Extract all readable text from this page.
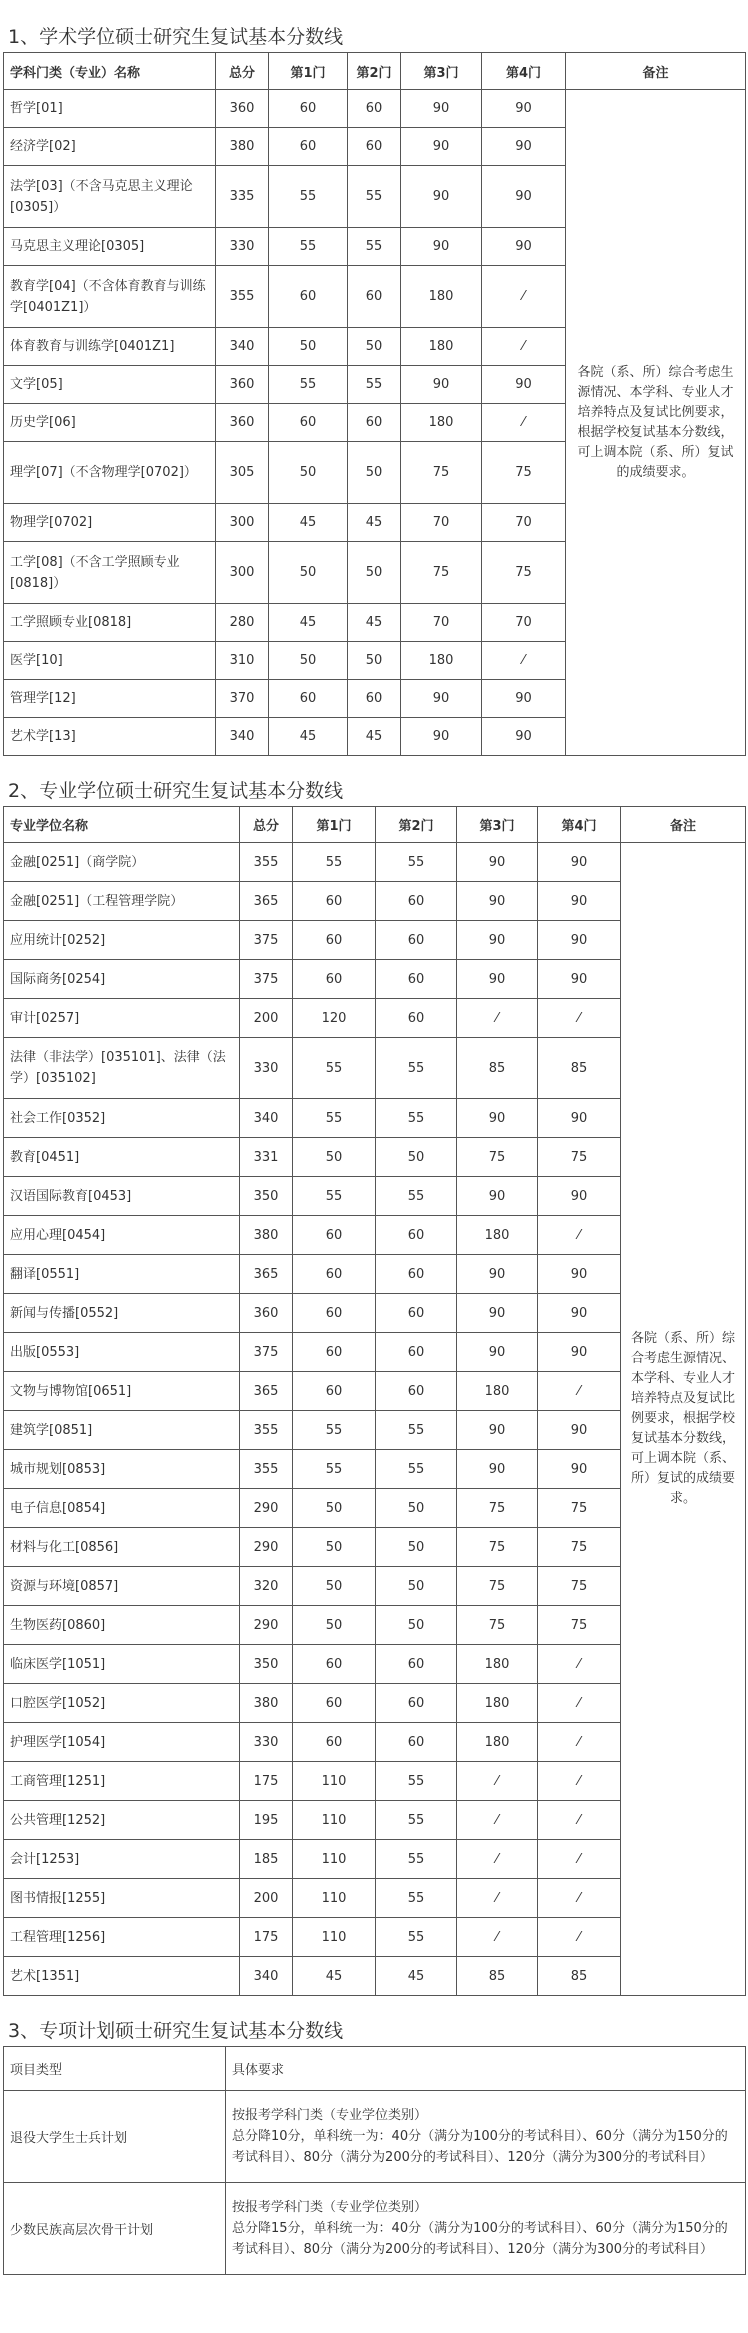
1、学术学位硕士研究生复试基本分数线
学科门类（专业）名称	总分	第1门	第2门	第3门	第4门	备注
哲学[01]	360	60	60	90	90	各院（系、所）综合考虑生源情况、本学科、专业人才培养特点及复试比例要求，根据学校复试基本分数线，可上调本院（系、所）复试的成绩要求。
经济学[02]	380	60	60	90	90	
法学[03]（不含马克思主义理论[0305]）	335	55	55	90	90	
马克思主义理论[0305]	330	55	55	90	90	
教育学[04]（不含体育教育与训练学[0401Z1]）	355	60	60	180	⁄	
体育教育与训练学[0401Z1]	340	50	50	180	⁄	
文学[05]	360	55	55	90	90	
历史学[06]	360	60	60	180	⁄	
理学[07]（不含物理学[0702]）	305	50	50	75	75	
物理学[0702]	300	45	45	70	70	
工学[08]（不含工学照顾专业[0818]）	300	50	50	75	75	
工学照顾专业[0818]	280	45	45	70	70	
医学[10]	310	50	50	180	⁄	
管理学[12]	370	60	60	90	90	
艺术学[13]	340	45	45	90	90	
2、专业学位硕士研究生复试基本分数线
专业学位名称	总分	第1门	第2门	第3门	第4门	备注
金融[0251]（商学院）	355	55	55	90	90	各院（系、所）综合考虑生源情况、本学科、专业人才培养特点及复试比例要求，根据学校复试基本分数线，可上调本院（系、所）复试的成绩要求。
金融[0251]（工程管理学院）	365	60	60	90	90	
应用统计[0252]	375	60	60	90	90	
国际商务[0254]	375	60	60	90	90	
审计[0257]	200	120	60	⁄	⁄	
法律（非法学）[035101]、法律（法学）[035102]	330	55	55	85	85	
社会工作[0352]	340	55	55	90	90	
教育[0451]	331	50	50	75	75	
汉语国际教育[0453]	350	55	55	90	90	
应用心理[0454]	380	60	60	180	⁄	
翻译[0551]	365	60	60	90	90	
新闻与传播[0552]	360	60	60	90	90	
出版[0553]	375	60	60	90	90	
文物与博物馆[0651]	365	60	60	180	⁄	
建筑学[0851]	355	55	55	90	90	
城市规划[0853]	355	55	55	90	90	
电子信息[0854]	290	50	50	75	75	
材料与化工[0856]	290	50	50	75	75	
资源与环境[0857]	320	50	50	75	75	
生物医药[0860]	290	50	50	75	75	
临床医学[1051]	350	60	60	180	⁄	
口腔医学[1052]	380	60	60	180	⁄	
护理医学[1054]	330	60	60	180	⁄	
工商管理[1251]	175	110	55	⁄	⁄	
公共管理[1252]	195	110	55	⁄	⁄	
会计[1253]	185	110	55	⁄	⁄	
图书情报[1255]	200	110	55	⁄	⁄	
工程管理[1256]	175	110	55	⁄	⁄	
艺术[1351]	340	45	45	85	85	
3、专项计划硕士研究生复试基本分数线
项目类型	具体要求
退役大学生士兵计划	按报考学科门类（专业学位类别）
总分降10分，单科统一为：40分（满分为100分的考试科目）、60分（满分为150分的考试科目）、80分（满分为200分的考试科目）、120分（满分为300分的考试科目）

少数民族高层次骨干计划	按报考学科门类（专业学位类别）
总分降15分，单科统一为：40分（满分为100分的考试科目）、60分（满分为150分的考试科目）、80分（满分为200分的考试科目）、120分（满分为300分的考试科目）
